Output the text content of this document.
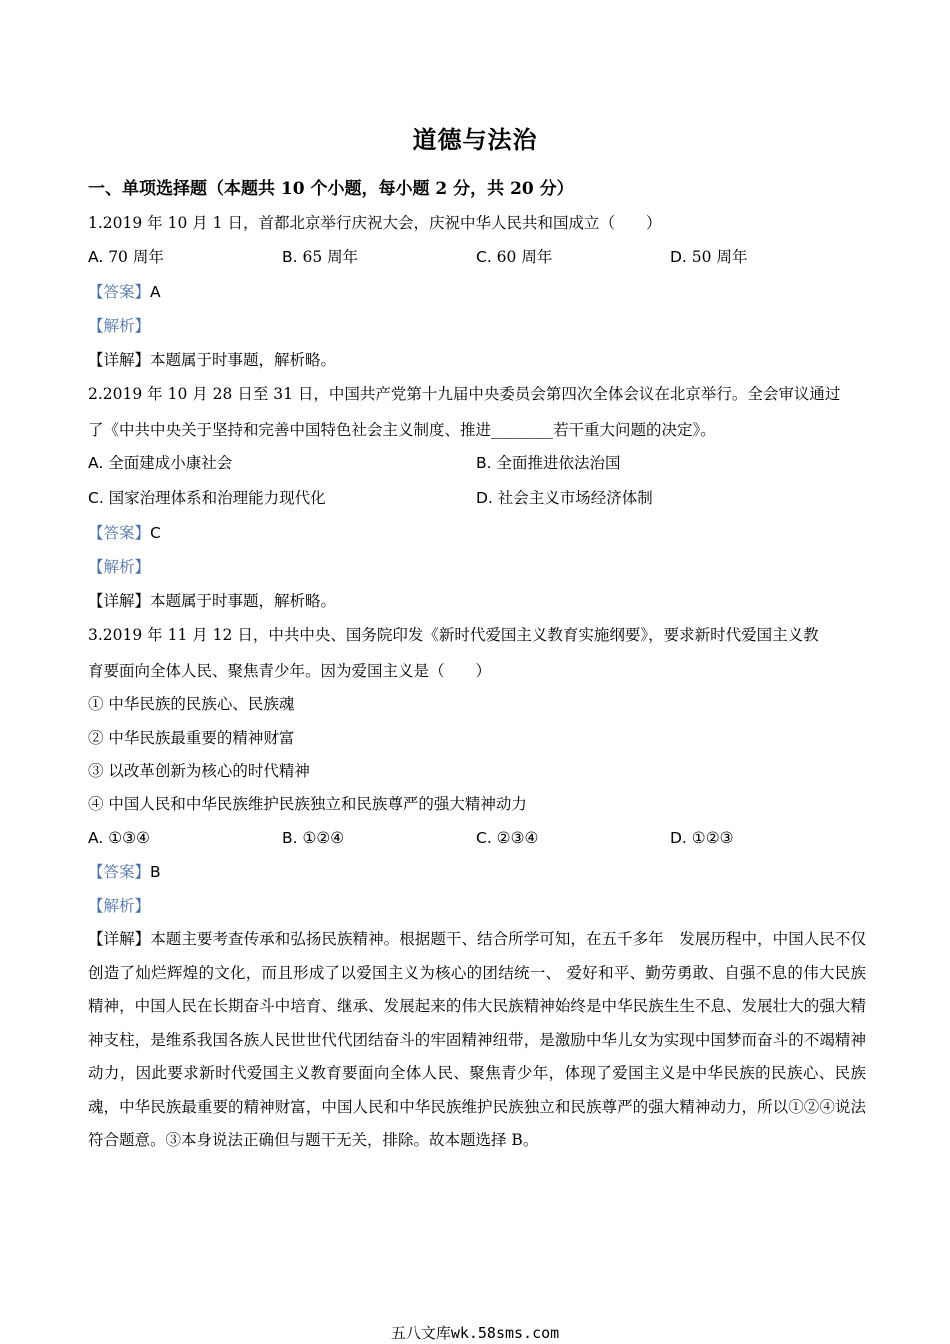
道德与法治
一、单项选择题（本题共 10 个小题，每小题 2 分，共 20 分）
1.2019 年 10 月 1 日，首都北京举行庆祝大会，庆祝中华人民共和国成立（　　）
A. 70 周年	B. 65 周年	C. 60 周年	D. 50 周年
【答案】A
【解析】
【详解】本题属于时事题，解析略。
2.2019 年 10 月 28 日至 31 日，中国共产党第十九届中央委员会第四次全体会议在北京举行。全会审议通过
了《中共中央关于坚持和完善中国特色社会主义制度、推进________若干重大问题的决定》。
A. 全面建成小康社会	B. 全面推进依法治国
C. 国家治理体系和治理能力现代化	D. 社会主义市场经济体制
【答案】C
【解析】
【详解】本题属于时事题，解析略。
3.2019 年 11 月 12 日，中共中央、国务院印发《新时代爱国主义教育实施纲要》，要求新时代爱国主义教
育要面向全体人民、聚焦青少年。因为爱国主义是（　　）
① 中华民族的民族心、民族魂
② 中华民族最重要的精神财富
③ 以改革创新为核心的时代精神
④ 中国人民和中华民族维护民族独立和民族尊严的强大精神动力
A. ①③④	B. ①②④	C. ②③④	D. ①②③
【答案】B
【解析】
【详解】本题主要考查传承和弘扬民族精神。根据题干、结合所学可知，在五千多年　发展历程中，中国人民不仅创造了灿烂辉煌的文化，而且形成了以爱国主义为核心的团结统一、 爱好和平、勤劳勇敢、自强不息的伟大民族精神，中国人民在长期奋斗中培育、继承、发展起来的伟大民族精神始终是中华民族生生不息、发展壮大的强大精神支柱，是维系我国各族人民世世代代团结奋斗的牢固精神纽带，是激励中华儿女为实现中国梦而奋斗的不竭精神动力，因此要求新时代爱国主义教育要面向全体人民、聚焦青少年，体现了爱国主义是中华民族的民族心、民族魂，中华民族最重要的精神财富，中国人民和中华民族维护民族独立和民族尊严的强大精神动力，所以①②④说法符合题意。③本身说法正确但与题干无关，排除。故本题选择 B。
五八文库wk.58sms.com
